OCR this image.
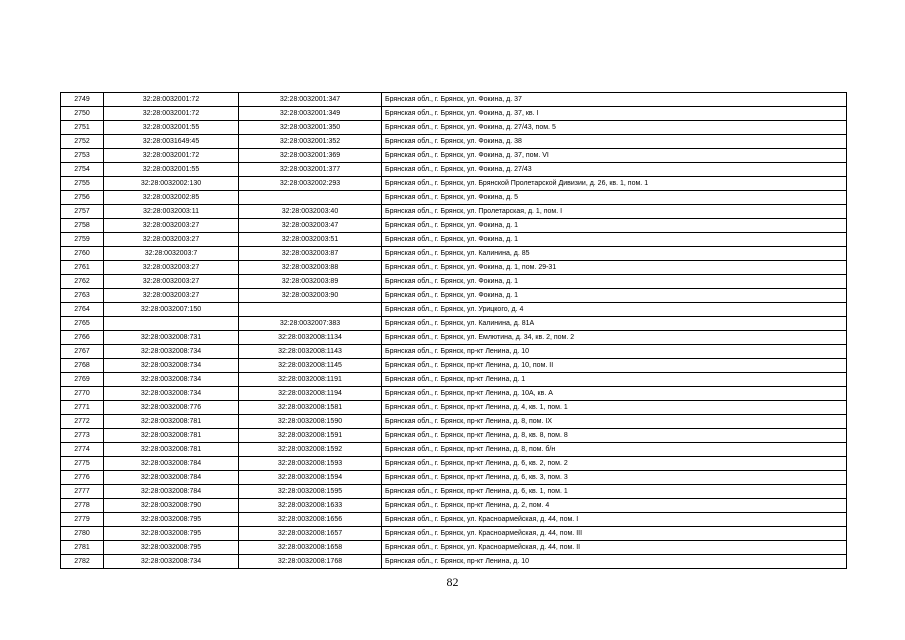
2749	32:28:0032001:72	32:28:0032001:347	Брянская обл., г. Брянск, ул. Фокина, д. 37
2750	32:28:0032001:72	32:28:0032001:349	Брянская обл., г. Брянск, ул. Фокина, д. 37, кв. I
2751	32:28:0032001:55	32:28:0032001:350	Брянская обл., г. Брянск, ул. Фокина, д. 27/43, пом. 5
2752	32:28:0031649:45	32:28:0032001:352	Брянская обл., г. Брянск, ул. Фокина, д. 38
2753	32:28:0032001:72	32:28:0032001:369	Брянская обл., г. Брянск, ул. Фокина, д. 37, пом. VI
2754	32:28:0032001:55	32:28:0032001:377	Брянская обл., г. Брянск, ул. Фокина, д. 27/43
2755	32:28:0032002:130	32:28:0032002:293	Брянская обл., г. Брянск, ул. Брянской Пролетарской Дивизии, д. 26, кв. 1, пом. 1
2756	32:28:0032002:85		Брянская обл., г. Брянск, ул. Фокина, д. 5
2757	32:28:0032003:11	32:28:0032003:40	Брянская обл., г. Брянск, ул. Пролетарская, д. 1, пом. I
2758	32:28:0032003:27	32:28:0032003:47	Брянская обл., г. Брянск, ул. Фокина, д. 1
2759	32:28:0032003:27	32:28:0032003:51	Брянская обл., г. Брянск, ул. Фокина, д. 1
2760	32:28:0032003:7	32:28:0032003:87	Брянская обл., г. Брянск, ул. Калинина, д. 85
2761	32:28:0032003:27	32:28:0032003:88	Брянская обл., г. Брянск, ул. Фокина, д. 1, пом. 29-31
2762	32:28:0032003:27	32:28:0032003:89	Брянская обл., г. Брянск, ул. Фокина, д. 1
2763	32:28:0032003:27	32:28:0032003:90	Брянская обл., г. Брянск, ул. Фокина, д. 1
2764	32:28:0032007:150		Брянская обл., г. Брянск, ул. Урицкого, д. 4
2765		32:28:0032007:383	Брянская обл., г. Брянск, ул. Калинина, д. 81А
2766	32:28:0032008:731	32:28:0032008:1134	Брянская обл., г. Брянск, ул. Емлютина, д. 34, кв. 2, пом. 2
2767	32:28:0032008:734	32:28:0032008:1143	Брянская обл., г. Брянск, пр-кт Ленина, д. 10
2768	32:28:0032008:734	32:28:0032008:1145	Брянская обл., г. Брянск, пр-кт Ленина, д. 10, пом. II
2769	32:28:0032008:734	32:28:0032008:1191	Брянская обл., г. Брянск, пр-кт Ленина, д. 1
2770	32:28:0032008:734	32:28:0032008:1194	Брянская обл., г. Брянск, пр-кт Ленина, д. 10А, кв. А
2771	32:28:0032008:776	32:28:0032008:1581	Брянская обл., г. Брянск, пр-кт Ленина, д. 4, кв. 1, пом. 1
2772	32:28:0032008:781	32:28:0032008:1590	Брянская обл., г. Брянск, пр-кт Ленина, д. 8, пом. IX
2773	32:28:0032008:781	32:28:0032008:1591	Брянская обл., г. Брянск, пр-кт Ленина, д. 8, кв. 8, пом. 8
2774	32:28:0032008:781	32:28:0032008:1592	Брянская обл., г. Брянск, пр-кт Ленина, д. 8, пом. б/н
2775	32:28:0032008:784	32:28:0032008:1593	Брянская обл., г. Брянск, пр-кт Ленина, д. 6, кв. 2, пом. 2
2776	32:28:0032008:784	32:28:0032008:1594	Брянская обл., г. Брянск, пр-кт Ленина, д. 6, кв. 3, пом. 3
2777	32:28:0032008:784	32:28:0032008:1595	Брянская обл., г. Брянск, пр-кт Ленина, д. 6, кв. 1, пом. 1
2778	32:28:0032008:790	32:28:0032008:1633	Брянская обл., г. Брянск, пр-кт Ленина, д. 2, пом. 4
2779	32:28:0032008:795	32:28:0032008:1656	Брянская обл., г. Брянск, ул. Красноармейская, д. 44, пом. I
2780	32:28:0032008:795	32:28:0032008:1657	Брянская обл., г. Брянск, ул. Красноармейская, д. 44, пом. III
2781	32:28:0032008:795	32:28:0032008:1658	Брянская обл., г. Брянск, ул. Красноармейская, д. 44, пом. II
2782	32:28:0032008:734	32:28:0032008:1768	Брянская обл., г. Брянск, пр-кт Ленина, д. 10
82
